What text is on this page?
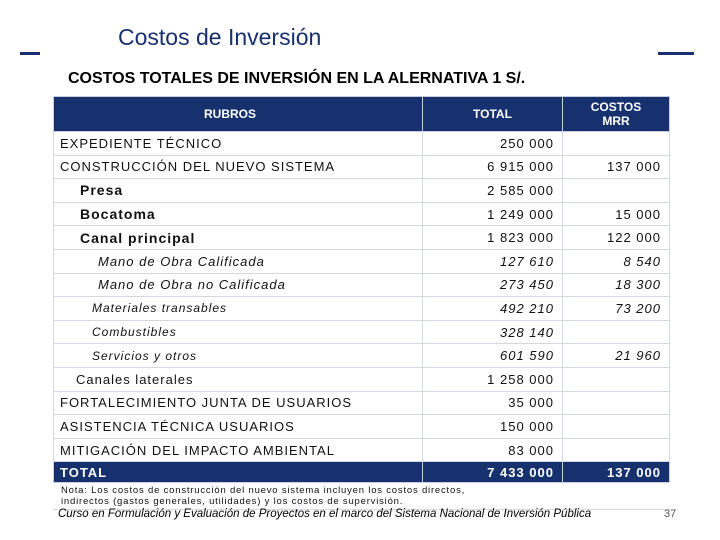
Costos de Inversión
COSTOS TOTALES DE INVERSIÓN EN LA ALERNATIVA 1 S/.
RUBROS	TOTAL	COSTOS
MRR

EXPEDIENTE TÉCNICO	250 000	
CONSTRUCCIÓN DEL NUEVO SISTEMA	6 915 000	137 000
Presa	2 585 000	
Bocatoma	1 249 000	15 000
Canal principal	1 823 000	122 000
Mano de Obra Calificada	127 610	8 540
Mano de Obra no Calificada	273 450	18 300
Materiales transables	492 210	73 200
Combustibles	328 140	
Servicios y otros	601 590	21 960
Canales laterales	1 258 000	
FORTALECIMIENTO JUNTA DE USUARIOS	35 000	
ASISTENCIA TÉCNICA USUARIOS	150 000	
MITIGACIÓN DEL IMPACTO AMBIENTAL	83 000	
TOTAL	7 433 000	137 000
Nota: Los costos de construcción del nuevo sistema incluyen los costos directos,
indirectos (gastos generales, utilidades) y los costos de supervisión.
Curso en Formulación y Evaluación de Proyectos en el marco del Sistema Nacional de Inversión Pública	37
